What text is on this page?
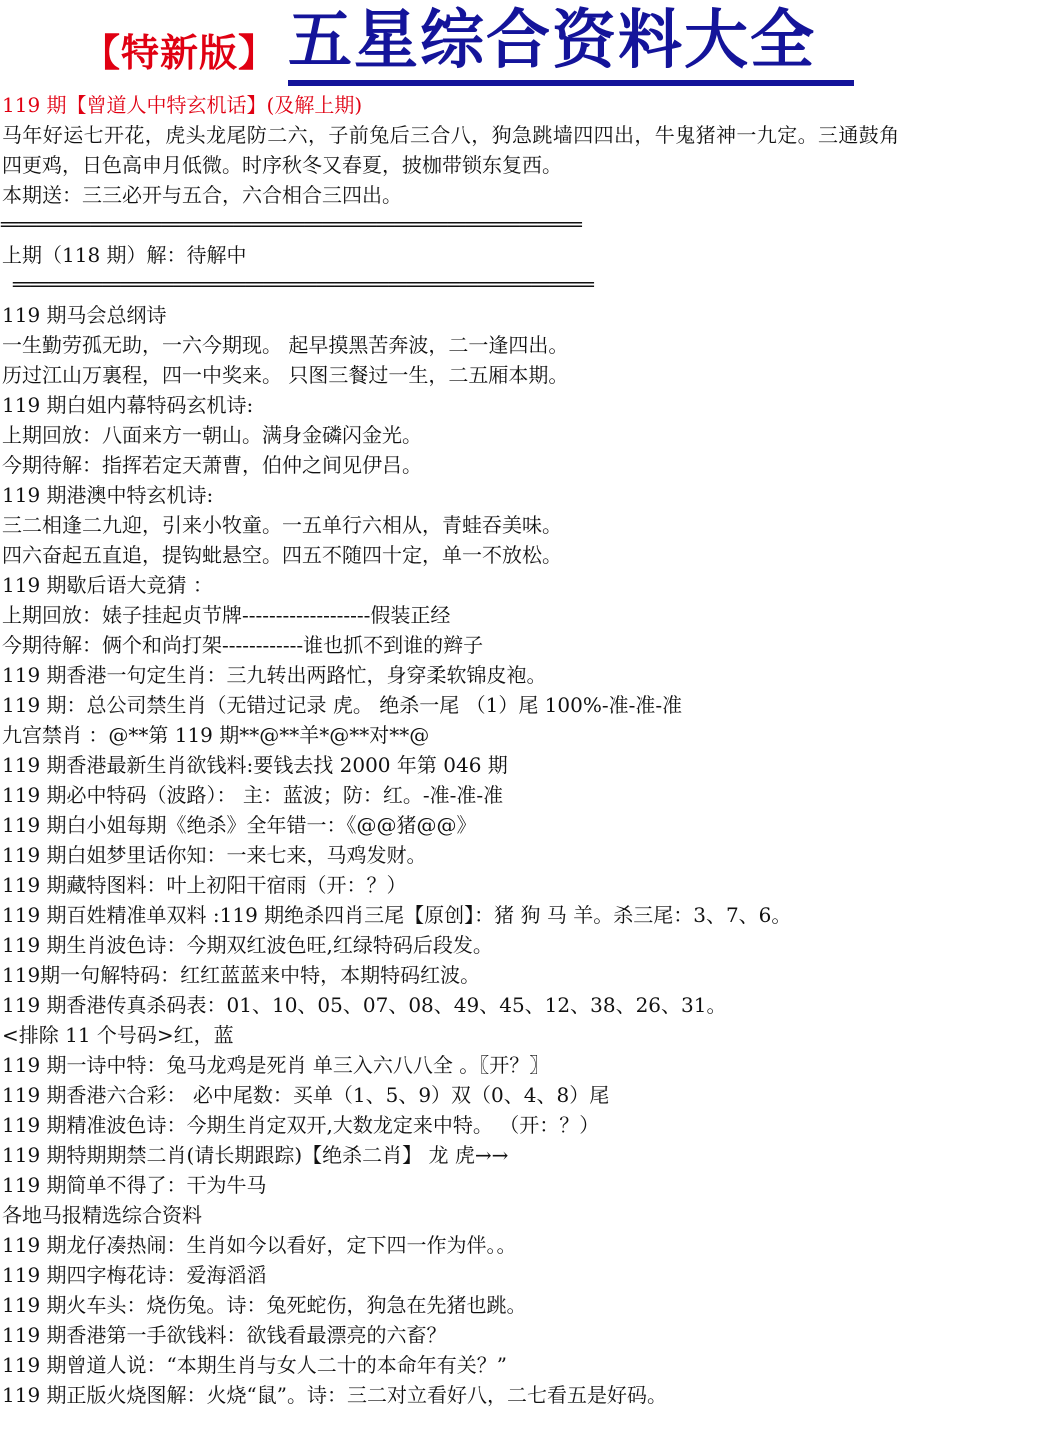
【特新版】 五星综合资料大全
119 期【曾道人中特玄机话】(及解上期)
马年好运七开花，虎头龙尾防二六，子前兔后三合八，狗急跳墙四四出，牛鬼猪神一九定。三通鼓角
四更鸡，日色高申月低微。时序秋冬又春夏，披枷带锁东复西。
本期送：三三必开与五合，六合相合三四出。
=================================================================
上期（118 期）解：待解中
=================================================================
119 期马会总纲诗
一生勤劳孤无助，一六今期现。 起早摸黑苦奔波，二一逢四出。
历过江山万裏程，四一中奖来。 只图三餐过一生，二五厢本期。
119 期白姐内幕特码玄机诗:
上期回放：八面来方一朝山。满身金磷闪金光。
今期待解：指挥若定天萧曹，伯仲之间见伊吕。
119 期港澳中特玄机诗:
三二相逢二九迎，引来小牧童。一五单行六相从，青蛙吞美味。
四六奋起五直追，提钩蚍悬空。四五不随四十定，单一不放松。
119 期歇后语大竞猜 ：
上期回放：婊子挂起贞节牌-------------------假装正经
今期待解：俩个和尚打架------------谁也抓不到谁的辫子
119 期香港一句定生肖：三九转出两路忙，身穿柔软锦皮袍。
119 期：总公司禁生肖（无错过记录 虎。 绝杀一尾 （1）尾 100%-准-准-准
九宫禁肖 ：@**第 119 期**@**羊*@**对**@
119 期香港最新生肖欲钱料:要钱去找 2000 年第 046 期
119 期必中特码（波路）： 主：蓝波；防：红。-准-准-准
119 期白小姐每期《绝杀》全年错一：《@@猪@@》
119 期白姐梦里话你知：一来七来，马鸡发财。
119 期藏特图料：叶上初阳干宿雨（开：？）
119 期百姓精准单双料 :119 期绝杀四肖三尾【原创】：猪 狗 马 羊。杀三尾：3、7、6。
119 期生肖波色诗：今期双红波色旺,红绿特码后段发。
119期一句解特码：红红蓝蓝来中特，本期特码红波。
119 期香港传真杀码表：01、10、05、07、08、49、45、12、38、26、31。
<排除 11 个号码>红，蓝
119 期一诗中特：兔马龙鸡是死肖 单三入六八八全 。〖开？〗
119 期香港六合彩： 必中尾数：买单（1、5、9）双（0、4、8）尾
119 期精准波色诗：今期生肖定双开,大数龙定来中特。 （开：？）
119 期特期期禁二肖(请长期跟踪)【绝杀二肖】 龙 虎→→
119 期简单不得了：干为牛马
各地马报精选综合资料
119 期龙仔凑热闹：生肖如今以看好，定下四一作为伴。。
119 期四字梅花诗：爱海滔滔
119 期火车头：烧伤兔。诗：兔死蛇伤，狗急在先猪也跳。
119 期香港第一手欲钱料：欲钱看最漂亮的六畜？
119 期曾道人说：“本期生肖与女人二十的本命年有关？”
119 期正版火烧图解：火烧“鼠”。诗：三二对立看好八，二七看五是好码。
